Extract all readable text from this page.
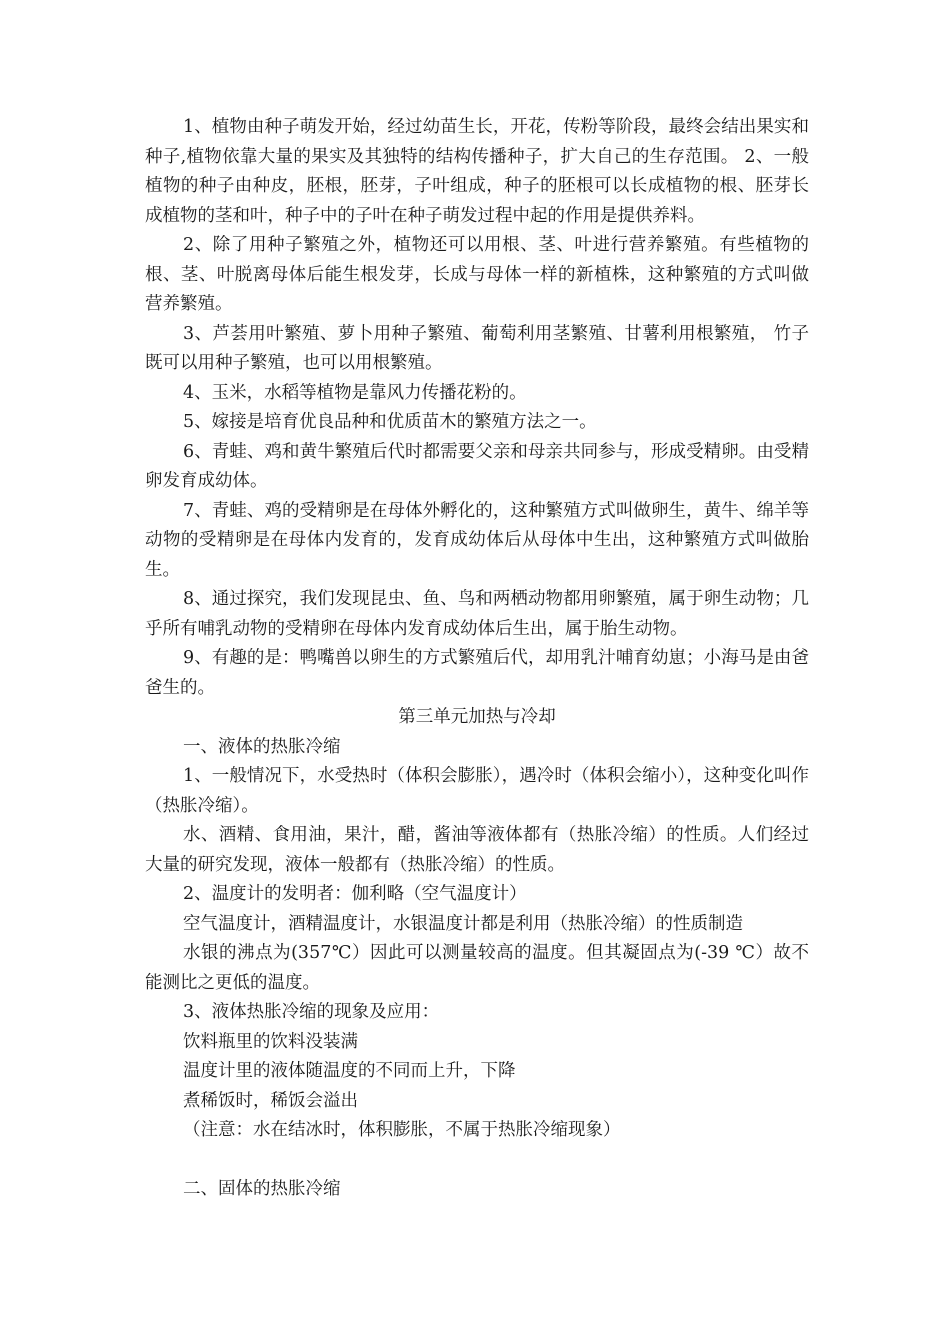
1、植物由种子萌发开始，经过幼苗生长，开花，传粉等阶段，最终会结出果实和种子,植物依靠大量的果实及其独特的结构传播种子，扩大自己的生存范围。 2、一般植物的种子由种皮，胚根，胚芽，子叶组成，种子的胚根可以长成植物的根、胚芽长成植物的茎和叶，种子中的子叶在种子萌发过程中起的作用是提供养料。

2、除了用种子繁殖之外，植物还可以用根、茎、叶进行营养繁殖。有些植物的根、茎、叶脱离母体后能生根发芽，长成与母体一样的新植株，这种繁殖的方式叫做营养繁殖。

3、芦荟用叶繁殖、萝卜用种子繁殖、葡萄利用茎繁殖、甘薯利用根繁殖， 竹子既可以用种子繁殖，也可以用根繁殖。

4、玉米，水稻等植物是靠风力传播花粉的。

5、嫁接是培育优良品种和优质苗木的繁殖方法之一。

6、青蛙、鸡和黄牛繁殖后代时都需要父亲和母亲共同参与，形成受精卵。由受精卵发育成幼体。

7、青蛙、鸡的受精卵是在母体外孵化的，这种繁殖方式叫做卵生，黄牛、绵羊等动物的受精卵是在母体内发育的，发育成幼体后从母体中生出，这种繁殖方式叫做胎生。

8、通过探究，我们发现昆虫、鱼、鸟和两栖动物都用卵繁殖，属于卵生动物；几乎所有哺乳动物的受精卵在母体内发育成幼体后生出，属于胎生动物。

9、有趣的是：鸭嘴兽以卵生的方式繁殖后代，却用乳汁哺育幼崽；小海马是由爸爸生的。

第三单元加热与冷却

一、液体的热胀冷缩

1、一般情况下，水受热时（体积会膨胀），遇冷时（体积会缩小），这种变化叫作（热胀冷缩）。

水、酒精、食用油，果汁，醋，酱油等液体都有（热胀冷缩）的性质。人们经过大量的研究发现，液体一般都有（热胀冷缩）的性质。

2、温度计的发明者：伽利略（空气温度计）

空气温度计，酒精温度计，水银温度计都是利用（热胀冷缩）的性质制造

水银的沸点为(357℃）因此可以测量较高的温度。但其凝固点为(-39 ℃）故不能测比之更低的温度。

3、液体热胀冷缩的现象及应用：

饮料瓶里的饮料没装满

温度计里的液体随温度的不同而上升，下降

煮稀饭时，稀饭会溢出

（注意：水在结冰时，体积膨胀，不属于热胀冷缩现象）

二、固体的热胀冷缩
